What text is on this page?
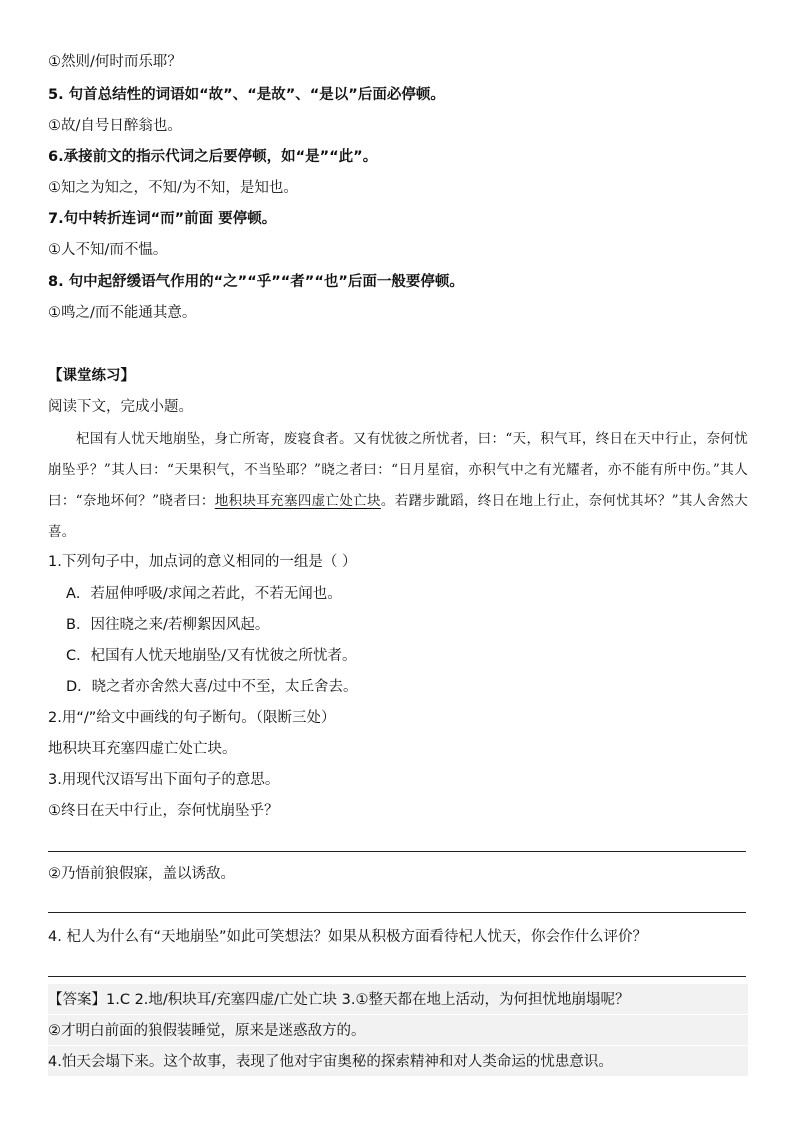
①然则/何时而乐耶？
5. 句首总结性的词语如“故”、“是故”、“是以”后面必停顿。
①故/自号日醉翁也。
6.承接前文的指示代词之后要停顿，如“是”“此”。
①知之为知之，不知/为不知，是知也。
7.句中转折连词“而”前面 要停顿。
①人不知/而不愠。
8. 句中起舒缓语气作用的“之”“乎”“者”“也”后面一般要停顿。
①鸣之/而不能通其意。
【课堂练习】
阅读下文，完成小题。
杞国有人忧天地崩坠，身亡所寄，废寝食者。又有忧彼之所忧者，曰：“天，积气耳，终日在天中行止，奈何忧崩坠乎？”其人曰：“天果积气，不当坠耶？”晓之者曰：“日月星宿，亦积气中之有光耀者，亦不能有所中伤。”其人曰：“奈地坏何？”晓者曰：地积块耳充塞四虚亡处亡块。若躇步跐蹈，终日在地上行止，奈何忧其坏？”其人舍然大喜。
1.下列句子中，加点词的意义相同的一组是（ ）
A．若屈伸呼吸/求闻之若此，不若无闻也。
B．因往晓之来/若柳絮因风起。
C．杞国有人忧天地崩坠/又有忧彼之所忧者。
D．晓之者亦舍然大喜/过中不至，太丘舍去。
2.用“/”给文中画线的句子断句。（限断三处）
地积块耳充塞四虚亡处亡块。
3.用现代汉语写出下面句子的意思。
①终日在天中行止，奈何忧崩坠乎？
②乃悟前狼假寐，盖以诱敌。
4. 杞人为什么有“天地崩坠”如此可笑想法？如果从积极方面看待杞人忧天，你会作什么评价？
【答案】1.C 2.地/积块耳/充塞四虚/亡处亡块 3.①整天都在地上活动，为何担忧地崩塌呢？
②才明白前面的狼假装睡觉，原来是迷惑敌方的。
4.怕天会塌下来。这个故事，表现了他对宇宙奥秘的探索精神和对人类命运的忧患意识。
